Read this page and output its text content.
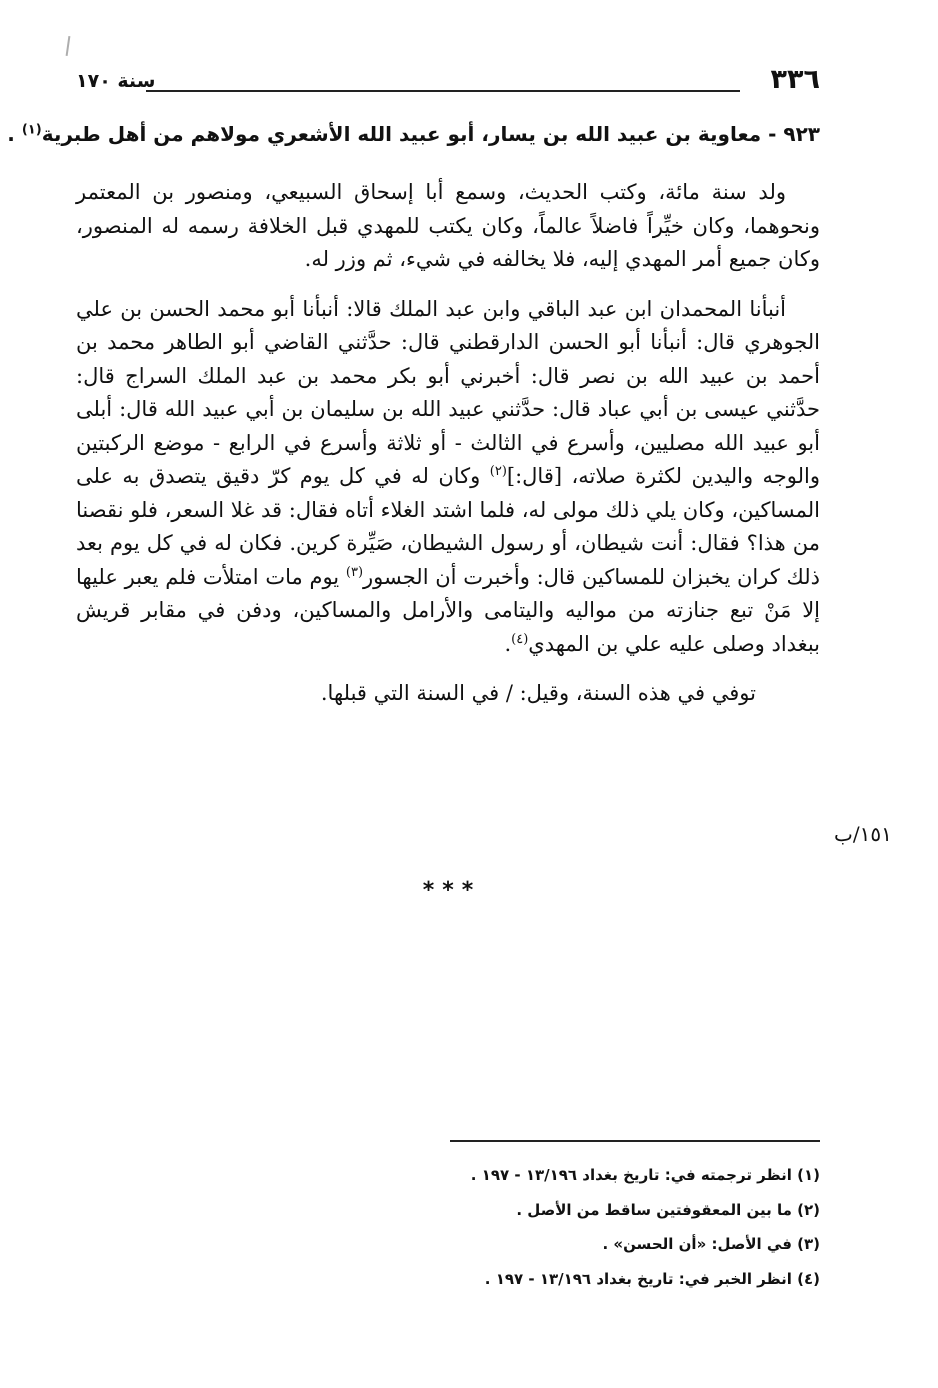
٣٣٦
سنة ١٧٠
٩٢٣ - معاوية بن عبيد الله بن يسار، أبو عبيد الله الأشعري مولاهم من أهل طبرية$^{(١)}$ .

ولد سنة مائة، وكتب الحديث، وسمع أبا إسحاق السبيعي، ومنصور بن المعتمر ونحوهما، وكان خيِّراً فاضلاً عالماً، وكان يكتب للمهدي قبل الخلافة رسمه له المنصور، وكان جميع أمر المهدي إليه، فلا يخالفه في شيء، ثم وزر له.

أنبأنا المحمدان ابن عبد الباقي وابن عبد الملك قالا: أنبأنا أبو محمد الحسن بن علي الجوهري قال: أنبأنا أبو الحسن الدارقطني قال: حدَّثني القاضي أبو الطاهر محمد بن أحمد بن عبيد الله بن نصر قال: أخبرني أبو بكر محمد بن عبد الملك السراج قال: حدَّثني عيسى بن أبي عباد قال: حدَّثني عبيد الله بن سليمان بن أبي عبيد الله قال: أبلى أبو عبيد الله مصليين، وأسرع في الثالث - أو ثلاثة وأسرع في الرابع - موضع الركبتين والوجه واليدين لكثرة صلاته، [قال:]$^{(٢)}$ وكان له في كل يوم كرّ دقيق يتصدق به على المساكين، وكان يلي ذلك مولى له، فلما اشتد الغلاء أتاه فقال: قد غلا السعر، فلو نقصنا من هذا؟ فقال: أنت شيطان، أو رسول الشيطان، صَيِّرة كرين. فكان له في كل يوم بعد ذلك كران يخبزان للمساكين قال: وأخبرت أن الجسور$^{(٣)}$ يوم مات امتلأت فلم يعبر عليها إلا مَنْ تبع جنازته من مواليه واليتامى والأرامل والمساكين، ودفن في مقابر قريش ببغداد وصلى عليه علي بن المهدي$^{(٤)}$.

توفي في هذه السنة، وقيل: / في السنة التي قبلها.

١٥١/ب
***
(١) انظر ترجمته في: تاريخ بغداد ١٣/١٩٦ - ١٩٧ .
(٢) ما بين المعقوفتين ساقط من الأصل .
(٣) في الأصل: «أن الحسن» .
(٤) انظر الخبر في: تاريخ بغداد ١٣/١٩٦ - ١٩٧ .
